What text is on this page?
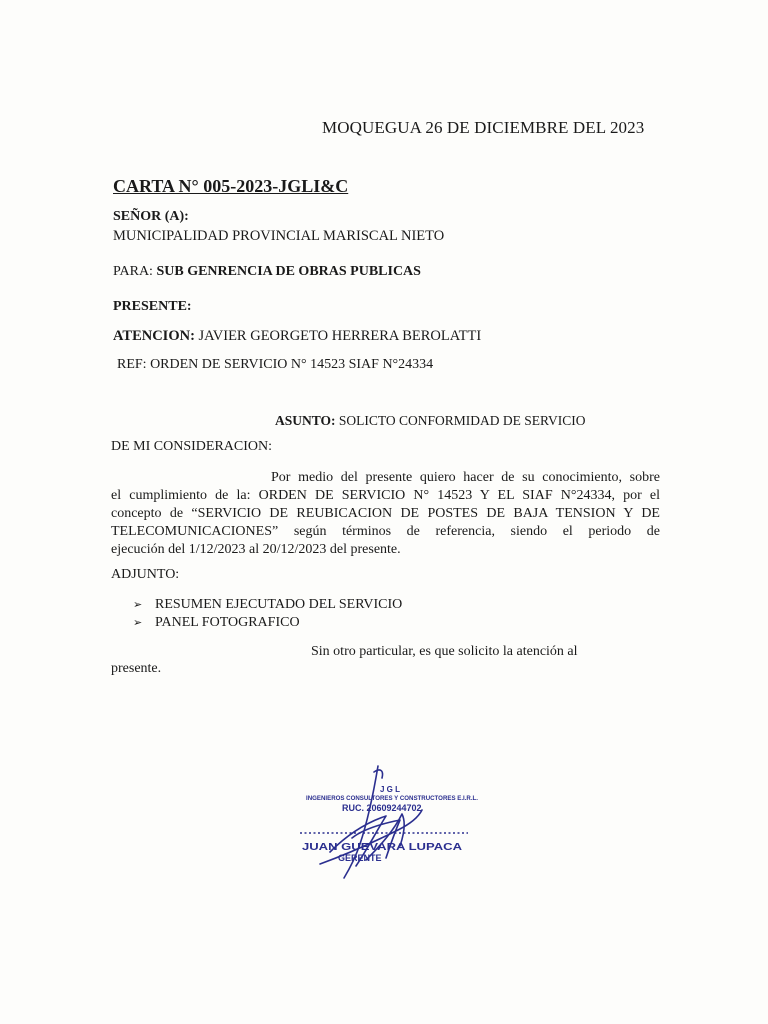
MOQUEGUA 26 DE DICIEMBRE DEL 2023
CARTA N° 005-2023-JGLI&C
SEÑOR (A):
MUNICIPALIDAD PROVINCIAL MARISCAL NIETO
PARA: SUB GENRENCIA DE OBRAS PUBLICAS
PRESENTE:
ATENCION: JAVIER GEORGETO HERRERA BEROLATTI
REF: ORDEN DE SERVICIO N° 14523 SIAF N°24334
ASUNTO: SOLICTO CONFORMIDAD DE SERVICIO
DE MI CONSIDERACION:
Por medio del presente quiero hacer de su conocimiento, sobre
el cumplimiento de la: ORDEN DE SERVICIO N° 14523 Y EL SIAF N°24334, por el
concepto de “SERVICIO DE REUBICACION DE POSTES DE BAJA TENSION Y DE
TELECOMUNICACIONES” según términos de referencia, siendo el periodo de
ejecución del 1/12/2023 al 20/12/2023 del presente.
ADJUNTO:
➢ RESUMEN EJECUTADO DEL SERVICIO
➢ PANEL FOTOGRAFICO
Sin otro particular, es que solicito la atención al
presente.
J G L
INGENIEROS CONSULTORES Y CONSTRUCTORES E.I.R.L.
RUC. 20609244702
JUAN GUEVARA LUPACA
GERENTE
